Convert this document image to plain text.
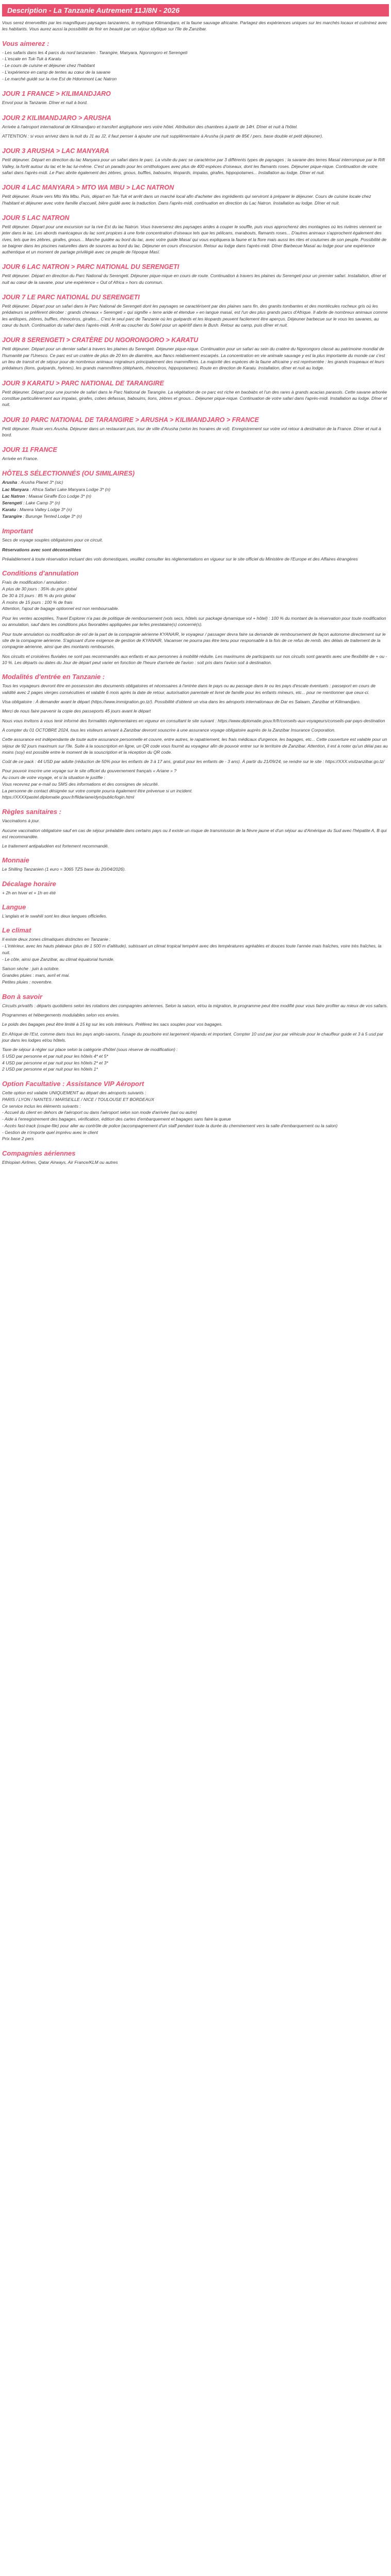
Description - La Tanzanie Autrement 11J/8N - 2026

Vous serez émerveillés par les magnifiques paysages tanzaniens, le mythique Kilimandjaro, et la faune sauvage africaine. Partagez des expériences uniques sur les marchés locaux et culminez avec les habitants. Vous aurez aussi la possibilité de finir en beauté par un séjour idyllique sur l'île de Zanzibar.

Vous aimerez :
- Les safaris dans les 4 parcs du nord tanzanien : Tarangire, Manyara, Ngorongoro et Serengeti
- L'escale en Tuk-Tuk à Karatu
- Le cours de cuisine et déjeuner chez l'habitant
- L'expérience en camp de tentes au cœur de la savane
- Le marché guidé sur la rive Est de Hdommont Lac Natron
JOUR 1 FRANCE > KILIMANDJARO

Envol pour la Tanzanie. Dîner et nuit à bord.

JOUR 2 KILIMANDJARO > ARUSHA

Arrivée à l'aéroport international de Kilimandjaro et transfert anglophone vers votre hôtel. Attribution des chambres à partir de 14H. Dîner et nuit à l'hôtel.

ATTENTION : si vous arrivez dans la nuit du J1 au J2, il faut penser à ajouter une nuit supplémentaire à Arusha (à partir de 85€ / pers. base double et petit déjeuner).

JOUR 3 ARUSHA > LAC MANYARA

Petit déjeuner. Départ en direction du lac Manyara pour un safari dans le parc. La visite du parc se caractérise par 3 différents types de paysages : la savane des terres Masaï interrompue par le Rift Valley, la forêt autour du lac et le lac lui-même. C'est un paradis pour les ornithologues avec plus de 400 espèces d'oiseaux, dont les flamants roses. Déjeuner pique-nique. Continuation de votre safari dans l'après-midi. Le Parc abrite également des zèbres, gnous, buffles, babouins, léopards, impalas, girafes, hippopotames... Installation au lodge. Dîner et nuit.

JOUR 4 LAC MANYARA > MTO WA MBU > LAC NATRON

Petit déjeuner. Route vers Mto Wa Mbu. Puis, départ en Tuk-Tuk et arrêt dans un marché local afin d'acheter des ingrédients qui serviront à préparer le déjeuner. Cours de cuisine locale chez l'habitant et déjeuner avec votre famille d'accueil, bière guidé avec la traduction. Dans l'après-midi, continuation en direction du Lac Natron. Installation au lodge. Dîner et nuit.

JOUR 5 LAC NATRON

Petit déjeuner. Départ pour une excursion sur la rive Est du lac Natron. Vous traverserez des paysages arides à couper le souffle, puis vous approcherez des montagnes où les rivières viennent se jeter dans le lac. Les abords marécageux du lac sont propices à une forte concentration d'oiseaux tels que les pélicans, marabouts, flamants roses... D'autres animaux s'approchent également des rives, tels que les zèbres, girafes, gnous... Marche guidée au bord du lac, avec votre guide Masaï qui vous expliquera la faune et la flore mais aussi les rites et coutumes de son peuple. Possibilité de se baigner dans les piscines naturelles dans de sources au bord du lac. Déjeuner en cours d'excursion. Retour au lodge dans l'après-midi. Dîner Barbecue Masaï au lodge pour une expérience authentique et un moment de partage privilégié avec ce peuple de l'époque Masï.

JOUR 6 LAC NATRON > PARC NATIONAL DU SERENGETI

Petit déjeuner. Départ en direction du Parc National du Serengeti. Déjeuner pique-nique en cours de route. Continuation à travers les plaines du Serengeti pour un premier safari. Installation, dîner et nuit au cœur de la savane, pour une expérience « Out of Africa » hors du commun.

JOUR 7 LE PARC NATIONAL DU SERENGETI

Petit déjeuner. Départ pour un safari dans le Parc National de Serengeti dont les paysages se caractérisent par des plaines sans fin, des granits tombantes et des montécules rocheux gris où les prédateurs se préfèrent dérober : grands chevaux « Serengeti » qui signifie « terre aride et étendue » en langue masaï, est l'un des plus grands parcs d'Afrique. Il abrite de nombreux animaux comme les antilopes, zèbres, buffles, rhinocéros, girafes... C'est le seul parc de Tanzanie où les guépards et les léopards peuvent facilement être aperçus. Déjeuner barbecue sur le vous les savanes, au cœur du bush. Continuation du safari dans l'après-midi. Arrêt au coucher du Soleil pour un apéritif dans le Bush. Retour au camp, puis dîner et nuit.

JOUR 8 SERENGETI > CRATÈRE DU NGORONGORO > KARATU

Petit déjeuner. Départ pour un dernier safari à travers les plaines du Serengeti. Déjeuner pique-nique. Continuation pour un safari au sein du cratère du Ngorongoro classé au patrimoine mondial de l'humanité par l'Unesco. Ce parc est un cratère de plus de 20 km de diamètre, aux flancs relativement escarpés. La concentration en vie animale sauvage y est la plus importante du monde car c'est un lieu de transit et de séjour pour de nombreux animaux migrateurs principalement des mammifères. La majorité des espèces de la faune africaine y est représentée : les grands troupeaux et leurs prédateurs (lions, guépards, hyènes), les grands mammifères (éléphants, rhinocéros, hippopotames). Route en direction de Karatu. Installation, dîner et nuit au lodge.

JOUR 9 KARATU > PARC NATIONAL DE TARANGIRE

Petit déjeuner. Départ pour une journée de safari dans le Parc National de Tarangire. La végétation de ce parc est riche en baobabs et l'un des rares à grands acacias parasols. Cette savane arborée constitue particulièrement aux impalas, girafes, cobes defassas, babouins, lions, zèbres et gnous... Déjeuner pique-nique. Continuation de votre safari dans l'après-midi. Installation au lodge. Dîner et nuit.

JOUR 10 PARC NATIONAL DE TARANGIRE > ARUSHA > KILIMANDJARO > FRANCE

Petit déjeuner. Route vers Arusha. Déjeuner dans un restaurant puis, tour de ville d'Arusha (selon les horaires de vol). Enregistrement sur votre vol retour à destination de la France. Dîner et nuit à bord.

JOUR 11 FRANCE

Arrivée en France.

HÔTELS SÉLECTIONNÉS (OU SIMILAIRES)
Arusha : Arusha Planet 3* (sic)
Lac Manyara : Africa Safari Lake Manyara Lodge 3* (n)
Lac Natron : Maasai Giraffe Eco Lodge 3* (n)
Serengeti : Lake Camp 3* (n)
Karatu : Marera Valley Lodge 3* (n)
Tarangire : Burunge Tented Lodge 3* (n)
Important

Secs de voyage souples obligatoires pour ce circuit.

Réservations avec sont déconseillées

Préalablement à toute réservation incluant des vols domestiques, veuillez consulter les réglementations en vigueur sur le site officiel du Ministère de l'Europe et des Affaires étrangères

Conditions d'annulation
Frais de modification / annulation :
A plus de 30 jours : 35% du prix global
De 30 à 15 jours : 85 % du prix global
À moins de 15 jours : 100 % de frais
Attention, l'ajout de bagage optionnel est non remboursable.

Pour les ventes acceptées, Travel Explorer n'a pas de politique de remboursement (vols secs, hôtels sur package dynamique vol + hôtel) : 100 % du montant de la réservation pour toute modification ou annulation, sauf dans les conditions plus favorables appliquées par le/les prestataire(s) concerné(s).

Pour toute annulation ou modification de vol de la part de la compagnie aérienne KYANAIR, le voyageur / passager devra faire sa demande de remboursement de façon autonome directement sur le site de la compagnie aérienne. S'agissant d'une exigence de gestion de KYANAIR, Vacanser ne pourra pas être tenu pour responsable à la fois de ce refus de remb. des délais de traitement de la compagnie aérienne, ainsi que des montants remboursés.

Nos circuits et croisières fluviales ne sont pas recommandés aux enfants et aux personnes à mobilité réduite. Les maximums de participants sur nos circuits sont garantis avec une flexibilité de + ou - 10 %. Les départs ou dates du Jour de départ peut varier en fonction de l'heure d'arrivée de l'avion : soit pris dans l'avion soit à destination.

Modalités d'entrée en Tanzanie :

Tous les voyageurs devront être en possession des documents obligatoires et nécessaires à l'entrée dans le pays ou au passage dans le ou les pays d'escale éventuels : passeport en cours de validité avec 2 pages vierges consécutives et valable 6 mois après la date de retour, autorisation parentale et livret de famille pour les enfants mineurs, etc... pour ne mentionner que ceux-ci.

Visa obligatoire : À demander avant le départ (https://www.immigration.go.tz/). Possibilité d'obtenir un visa dans les aéroports internationaux de Dar es Salaam, Zanzibar et Kilimandjaro.

Merci de nous faire parvenir la copie des passeports 45 jours avant le départ

Nous vous invitons à vous tenir informé des formalités réglementaires en vigueur en consultant le site suivant : https://www.diplomatie.gouv.fr/fr/conseils-aux-voyageurs/conseils-par-pays-destination

À compter du 01 OCTOBRE 2024, tous les visiteurs arrivant à Zanzibar devront souscrire à une assurance voyage obligatoire auprès de la Zanzibar Insurance Corporation.

Cette assurance est indépendante de toute autre assurance personnelle et couvre, entre autres, le rapatriement, les frais médicaux d'urgence, les bagages, etc... Cette couverture est valable pour un séjour de 92 jours maximum sur l'île. Suite à la souscription en ligne, un QR code vous fournit au voyageur afin de pouvoir entrer sur le territoire de Zanzibar. Attention, il est à noter qu'un délai pas au moins (soy) est possible entre le moment de la souscription et la réception du QR code.

Coût de ce pack : 44 USD par adulte (réduction de 50% pour les enfants de 3 à 17 ans, gratuit pour les enfants de - 3 ans). À partir du 21/09/24, se rendre sur le site : https://XXX.visitzanzibar.go.tz/

Pour pouvoir inscrire une voyage sur le site officiel du gouvernement français « Ariane » ?
Au cours de votre voyage, et si la situation le justifie :
Vous recevrez par e-mail ou SMS des informations et des consignes de sécurité.
La personne de contact désignée sur votre compte pourra également être prévenue si un incident.
https://XXXXpastel.diplomatie.gouv.fr/fildariane/dyn/public/login.html
Règles sanitaires :

Vaccinations à jour.

Aucune vaccination obligatoire sauf en cas de séjour préalable dans certains pays ou il existe un risque de transmission de la fièvre jaune et d'un séjour au d'Amérique du Sud avec l'hépatite A, B qui est recommandée.

Le traitement antipaludéen est fortement recommandé.

Monnaie

Le Shilling Tanzanien (1 euro = 3065 TZS base du 20/04/2026).

Décalage horaire

+ 2h en hiver et + 1h en été

Langue

L'anglais et le swahili sont les deux langues officielles.

Le climat
Il existe deux zones climatiques distinctes en Tanzanie :
- L'intérieur, avec les hauts plateaux (plus de 1 500 m d'altitude), subissant un climat tropical tempéré avec des températures agréables et douces toute l'année mais fraîches, voire très fraîches, la nuit.
- Le côte, ainsi que Zanzibar, au climat équatorial humide.
Saison sèche : juin à octobre.
Grandes pluies : mars, avril et mai.
Petites pluies : novembre.
Bon à savoir

Circuits privatifs : départs quotidiens selon les rotations des compagnies aériennes. Selon la saison, et/ou la migration, le programme peut être modifié pour vous faire profiter au mieux de vos safaris.

Programmes et hébergements modulables selon vos envies.

Le poids des bagages peut être limité à 15 kg sur les vols intérieurs. Préférez les sacs souples pour vos bagages.

En Afrique de l'Est, comme dans tous les pays anglo-saxons, l'usage du pourboire est largement répandu et important. Compter 10 usd par jour par véhicule pour le chauffeur guide et 3 à 5 usd par jour dans les lodges et/ou hôtels.

Taxe de séjour à régler sur place selon la catégorie d'hôtel (sous réserve de modification) :
5 USD par personne et par nuit pour les hôtels 4* et 5*
4 USD par personne et par nuit pour les hôtels 2* et 3*
2 USD par personne et par nuit pour les hôtels 1*
Option Facultative : Assistance VIP Aéroport
Cette option est valable UNIQUEMENT au départ des aéroports suivants :
PARIS / LYON / NANTES / MARSEILLE / NICE / TOULOUSE ET BORDEAUX
Ce service inclus les éléments suivants :
- Accueil du client en dehors de l'aéroport ou dans l'aéroport selon son mode d'arrivée (taxi ou autre)
- Aide à l'enregistrement des bagages, vérification, édition des cartes d'embarquement et bagages sans faire la queue
- Accès fast-track (coupe-file) pour aller au contrôle de police (accompagnement d'un staff pendant toute la durée du cheminement vers la salle d'embarquement ou la salon)
- Gestion de n'importe quel imprévu avec le client
Prix base 2 pers
Compagnies aériennes

Ethiopian Airlines, Qatar Airways, Air France/KLM ou autres
